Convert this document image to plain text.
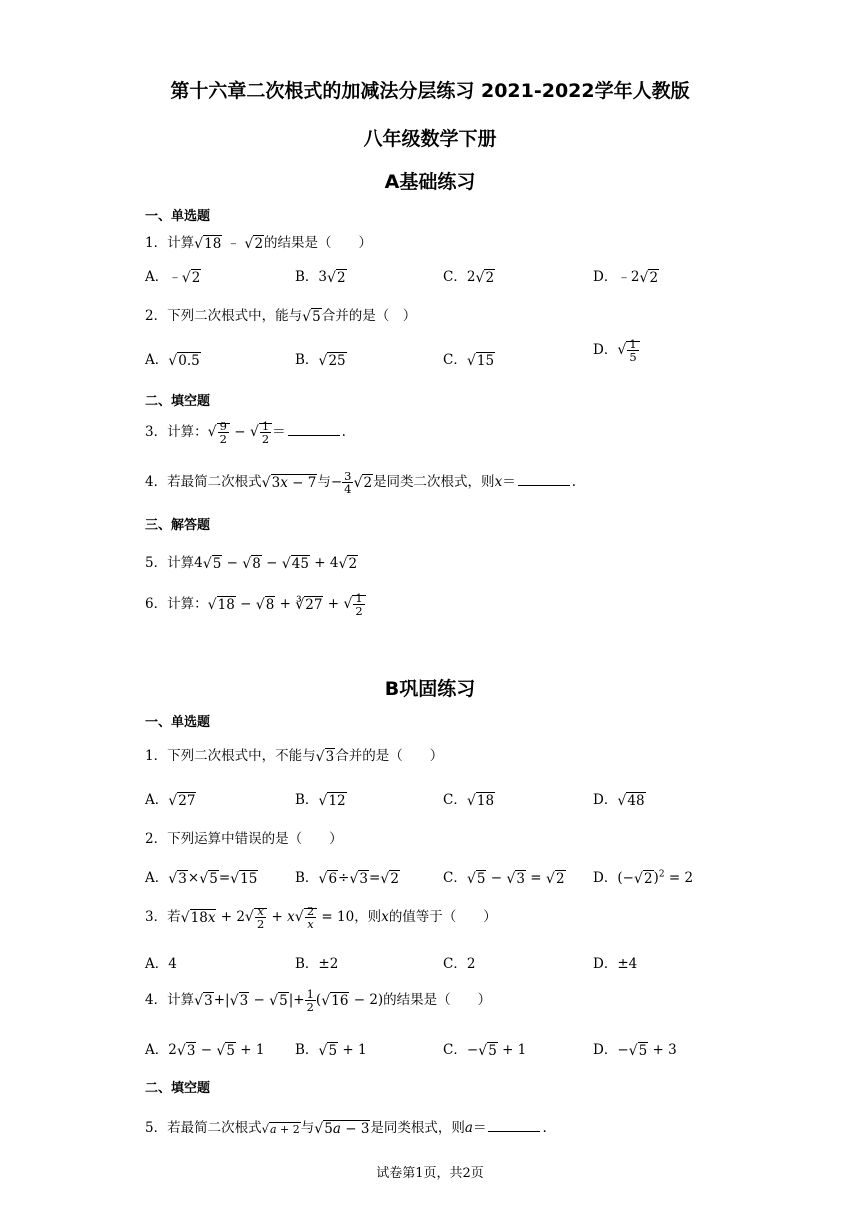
第十六章二次根式的加减法分层练习 2021-2022学年人教版
八年级数学下册
A基础练习
一、单选题
1．计算√18 ﹣ √2的结果是（　　）
A．﹣√2	B．3√2	C．2√2	D．﹣2√2
2．下列二次根式中，能与√5合并的是（　）
A．√0.5	B．√25	C．√15
D．√ $\frac{1}{5}$
二、填空题
3．计算：√ $\frac{9}{2}$ − √ $\frac{1}{2}$ ＝	.
4．若最简二次根式√3x − 7与− $\frac{3}{4} √2$是同类二次根式，则x＝	.
三、解答题
5．计算4√5 − √8 − √45 + 4√2
6．计算：√18 − √8 + ∛27 + √ $\frac{1}{2}$
B巩固练习
一、单选题
1．下列二次根式中，不能与√3合并的是（　　）
A．√27	B．√12	C．√18	D．√48
2．下列运算中错误的是（　　）
A．√3×√5=√15	B．√6÷√3=√2	C．√5 − √3 = √2 D．$(-√2)^2 = 2$
3．若$√18x + 2√ \frac{x}{2} + x√ \frac{2}{x} = 10$，则x的值等于（　　）
A．4	B．±2	C．2	D．±4
4．计算$√3+|√3 - √5|+ \frac{1}{2} (√16 - 2)$的结果是（　　）
A．2√3 − √5 + 1 B．√5 + 1	C．−√5 + 1	D．−√5 + 3
二、填空题
5．若最简二次根式√a + 2与√5a − 3是同类根式，则a＝	.
试卷第1页，共2页
